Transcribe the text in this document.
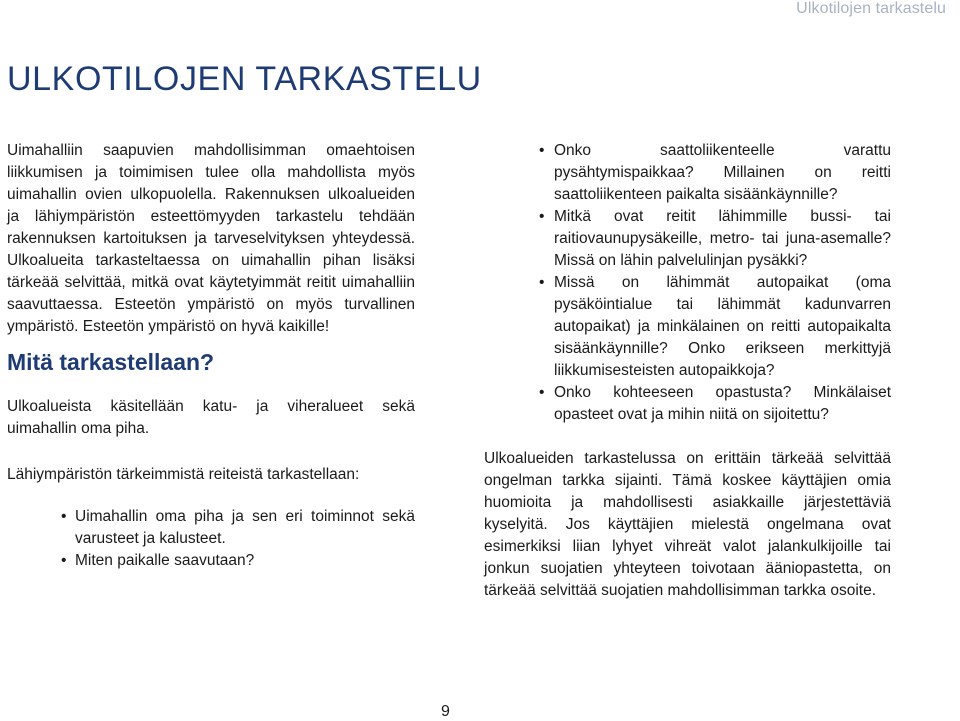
Ulkotilojen tarkastelu
ULKOTILOJEN TARKASTELU

Uimahalliin saapuvien mahdollisimman omaehtoisen liikkumisen ja toimimisen tulee olla mahdollista myös uimahallin ovien ulkopuolella. Rakennuksen ulkoalueiden ja lähiympäristön esteettömyyden tarkastelu tehdään rakennuksen kartoituksen ja tarveselvityksen yhteydessä. Ulkoalueita tarkasteltaessa on uimahallin pihan lisäksi tärkeää selvittää, mitkä ovat käytetyimmät reitit uimahalliin saavuttaessa. Esteetön ympäristö on myös turvallinen ympäristö. Esteetön ympäristö on hyvä kaikille!

Mitä tarkastellaan?

Ulkoalueista käsitellään katu- ja viheralueet sekä uimahallin oma piha.

Lähiympäristön tärkeimmistä reiteistä tarkastellaan:

• Uimahallin oma piha ja sen eri toiminnot sekä varusteet ja kalusteet.
• Miten paikalle saavutaan?
• Onko saattoliikenteelle varattu pysähtymispaikkaa? Millainen on reitti saattoliikenteen paikalta sisäänkäynnille?
• Mitkä ovat reitit lähimmille bussi- tai raitiovaunupysäkeille, metro- tai juna-asemalle? Missä on lähin palvelulinjan pysäkki?
• Missä on lähimmät autopaikat (oma pysäköintialue tai lähimmät kadunvarren autopaikat) ja minkälainen on reitti autopaikalta sisäänkäynnille? Onko erikseen merkittyjä liikkumisesteisten autopaikkoja?
• Onko kohteeseen opastusta? Minkälaiset opasteet ovat ja mihin niitä on sijoitettu?

Ulkoalueiden tarkastelussa on erittäin tärkeää selvittää ongelman tarkka sijainti. Tämä koskee käyttäjien omia huomioita ja mahdollisesti asiakkaille järjestettäviä kyselyitä. Jos käyttäjien mielestä ongelmana ovat esimerkiksi liian lyhyet vihreät valot jalankulkijoille tai jonkun suojatien yhteyteen toivotaan ääniopastetta, on tärkeää selvittää suojatien mahdollisimman tarkka osoite.

9
